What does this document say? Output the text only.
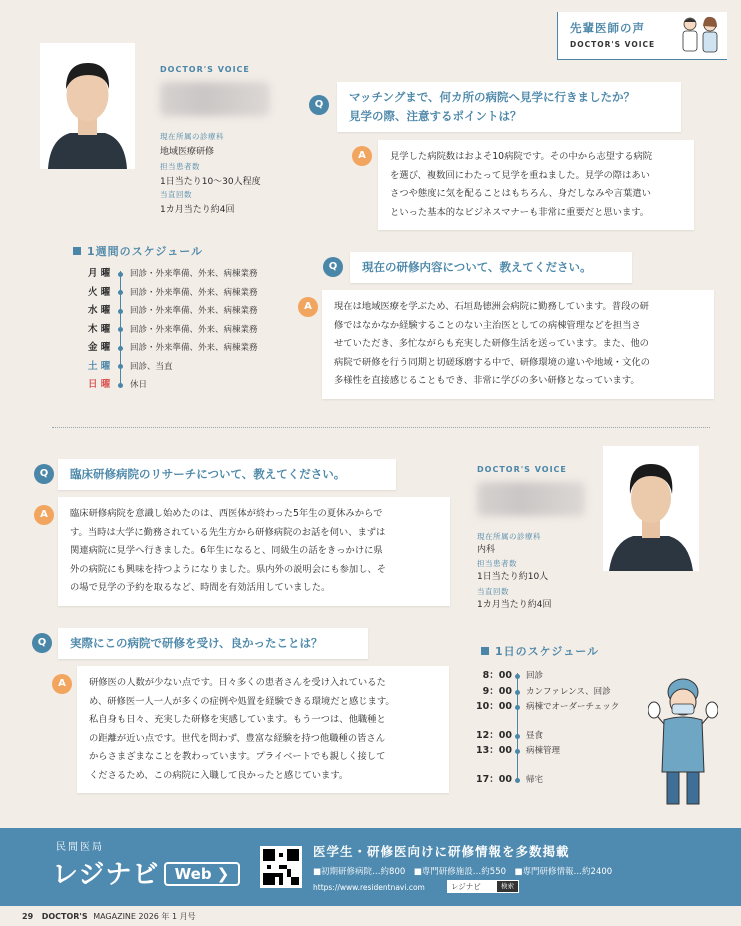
先輩医師の声
DOCTOR'S VOICE
DOCTOR'S VOICE
現在所属の診療科
地域医療研修
担当患者数
1日当たり10～30人程度
当直回数
1カ月当たり約4回
Q
マッチングまで、何カ所の病院へ見学に行きましたか？
見学の際、注意するポイントは？
A	見学した病院数はおよそ10病院です。その中から志望する病院
を選び、複数回にわたって見学を重ねました。見学の際はあい
さつや態度に気を配ることはもちろん、身だしなみや言葉遣い
といった基本的なビジネスマナーも非常に重要だと思います。
1週間のスケジュール
月 曜	回診・外来準備、外来、病棟業務
火 曜	回診・外来準備、外来、病棟業務
水 曜	回診・外来準備、外来、病棟業務
木 曜	回診・外来準備、外来、病棟業務
金 曜	回診・外来準備、外来、病棟業務
土 曜	回診、当直
日 曜	休日
Q	現在の研修内容について、教えてください。
A	現在は地域医療を学ぶため、石垣島徳洲会病院に勤務しています。普段の研
修ではなかなか経験することのない主治医としての病棟管理などを担当さ
せていただき、多忙ながらも充実した研修生活を送っています。また、他の
病院で研修を行う同期と切磋琢磨する中で、研修環境の違いや地域・文化の
多様性を直接感じることもでき、非常に学びの多い研修となっています。
Q	臨床研修病院のリサーチについて、教えてください。
A	臨床研修病院を意識し始めたのは、西医体が終わった5年生の夏休みからで
す。当時は大学に勤務されている先生方から研修病院のお話を伺い、まずは
関連病院に見学へ行きました。6年生になると、同級生の話をきっかけに県
外の病院にも興味を持つようになりました。県内外の説明会にも参加し、そ
の場で見学の予約を取るなど、時間を有効活用していました。
DOCTOR'S VOICE
現在所属の診療科
内科
担当患者数
1日当たり約10人
当直回数
1カ月当たり約4回
Q	実際にこの病院で研修を受け、良かったことは？
A	研修医の人数が少ない点です。日々多くの患者さんを受け入れているた
め、研修医一人一人が多くの症例や処置を経験できる環境だと感じます。
私自身も日々、充実した研修を実感しています。もう一つは、他職種と
の距離が近い点です。世代を問わず、豊富な経験を持つ他職種の皆さん
からさまざまなことを教わっています。プライベートでも親しく接して
くださるため、この病院に入職して良かったと感じています。
1日のスケジュール
8：00 回診
9：00 カンファレンス、回診
10：00 病棟でオーダーチェック
12：00 昼食
13：00 病棟管理
17：00 帰宅
民間医局
レジナビ	Web ❯
医学生・研修医向けに研修情報を多数掲載
■初期研修病院…約800　■専門研修施設…約550　■専門研修情報…約2400
https://www.residentnavi.com	レジナビ	検索
29 DOCTOR'S MAGAZINE 2026 年 1 月号
